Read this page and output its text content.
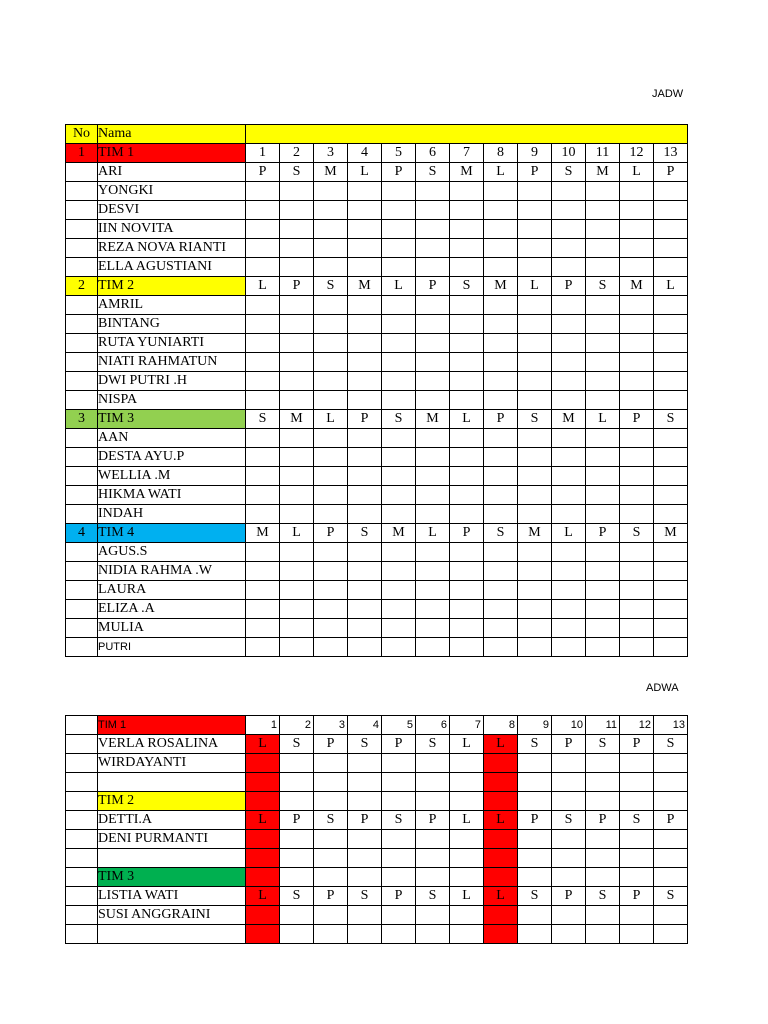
JADW
ADWA
No	Nama													
1	TIM 1	1	2	3	4	5	6	7	8	9	10	11	12	13
	ARI	P	S	M	L	P	S	M	L	P	S	M	L	P
	YONGKI													
	DESVI													
	IIN NOVITA													
	REZA NOVA RIANTI													
	ELLA AGUSTIANI													
2	TIM 2	L	P	S	M	L	P	S	M	L	P	S	M	L
	AMRIL													
	BINTANG													
	RUTA YUNIARTI													
	NIATI RAHMATUN													
	DWI PUTRI .H													
	NISPA													
3	TIM 3	S	M	L	P	S	M	L	P	S	M	L	P	S
	AAN													
	DESTA AYU.P													
	WELLIA .M													
	HIKMA WATI													
	INDAH													
4	TIM 4	M	L	P	S	M	L	P	S	M	L	P	S	M
	AGUS.S													
	NIDIA RAHMA .W													
	LAURA													
	ELIZA .A													
	MULIA													
	PUTRI													
	TIM 1	1	2	3	4	5	6	7	8	9	10	11	12	13
	VERLA ROSALINA	L	S	P	S	P	S	L	L	S	P	S	P	S
	WIRDAYANTI													

	TIM 2													
	DETTI.A	L	P	S	P	S	P	L	L	P	S	P	S	P
	DENI PURMANTI													

	TIM 3													
	LISTIA WATI	L	S	P	S	P	S	L	L	S	P	S	P	S
	SUSI ANGGRAINI													
